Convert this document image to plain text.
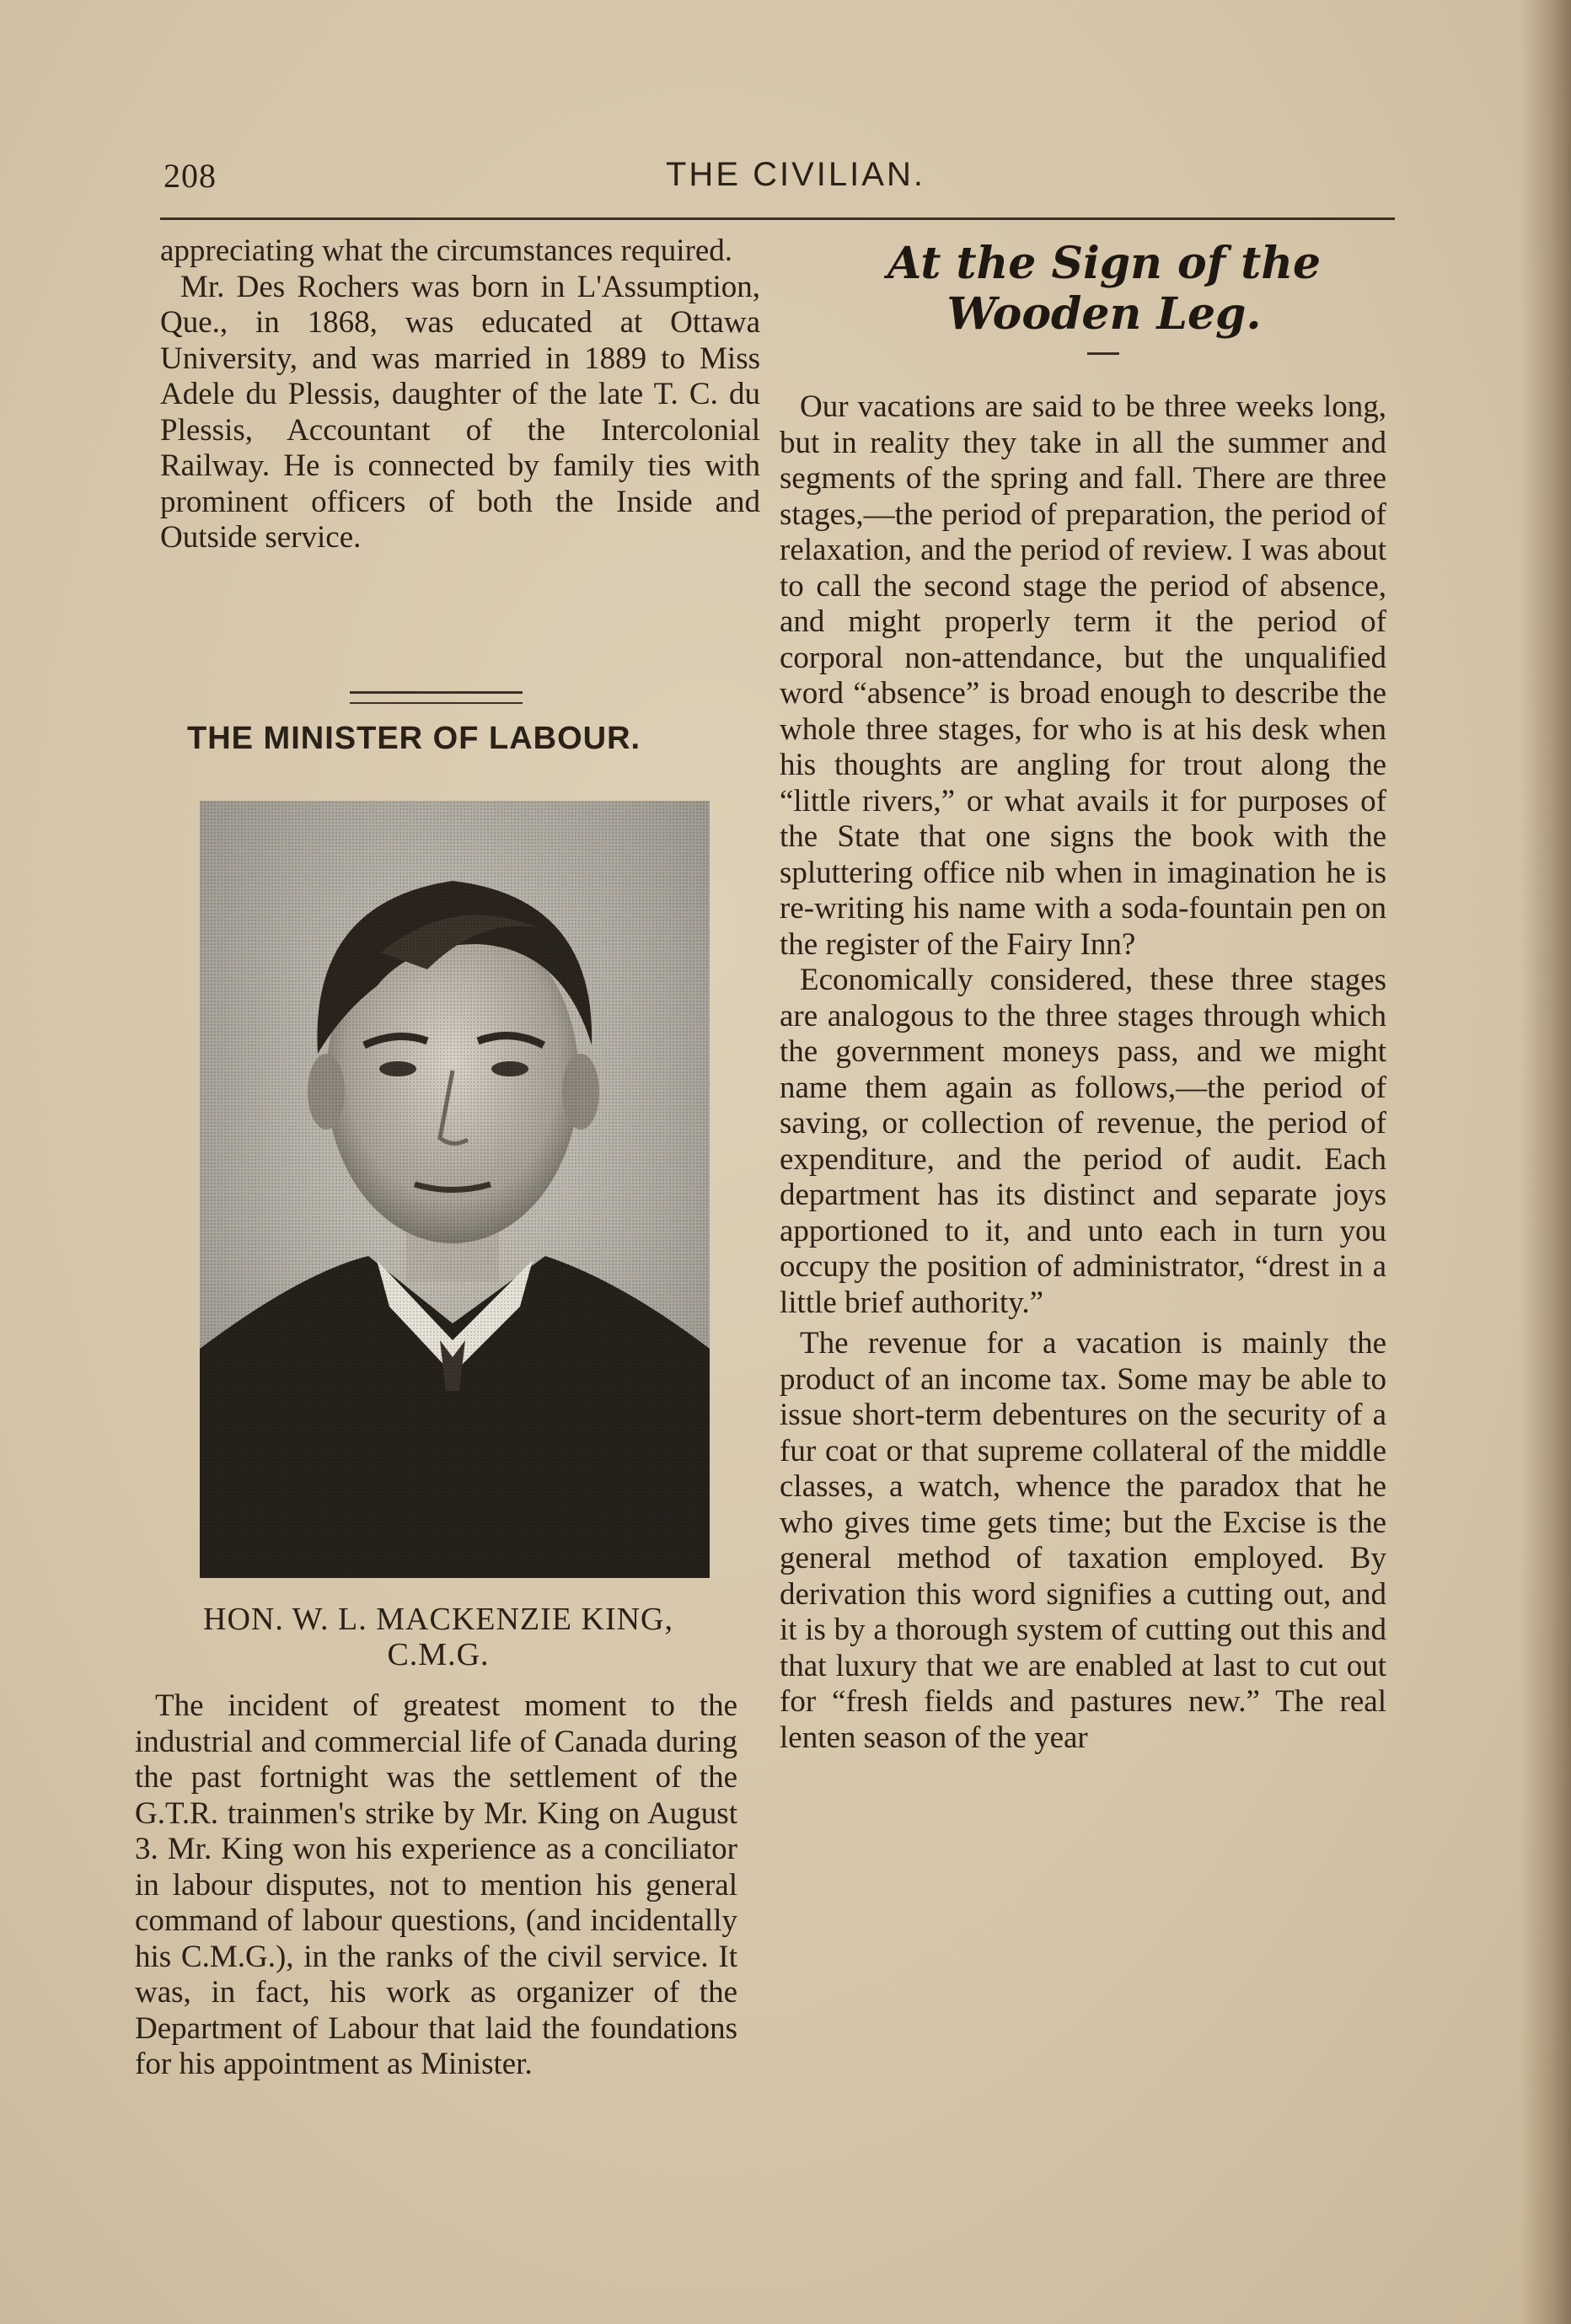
208	THE CIVILIAN.

appreciating what the circumstances required.

Mr. Des Rochers was born in L'Assumption, Que., in 1868, was educated at Ottawa University, and was married in 1889 to Miss Adele du Plessis, daughter of the late T. C. du Plessis, Accountant of the Intercolonial Railway. He is connected by family ties with prominent officers of both the Inside and Outside service.

THE MINISTER OF LABOUR.
HON. W. L. MACKENZIE KING,
C.M.G.

The incident of greatest moment to the industrial and commercial life of Canada during the past fortnight was the settlement of the G.T.R. trainmen's strike by Mr. King on August 3. Mr. King won his experience as a conciliator in labour disputes, not to mention his general command of labour questions, (and incidentally his C.M.G.), in the ranks of the civil service. It was, in fact, his work as organizer of the Department of Labour that laid the foundations for his appointment as Minister.

At the Sign of the Wooden Leg.

Our vacations are said to be three weeks long, but in reality they take in all the summer and segments of the spring and fall. There are three stages,—the period of preparation, the period of relaxation, and the period of review. I was about to call the second stage the period of absence, and might properly term it the period of corporal non-attendance, but the unqualified word “absence” is broad enough to describe the whole three stages, for who is at his desk when his thoughts are angling for trout along the “little rivers,” or what avails it for purposes of the State that one signs the book with the spluttering office nib when in imagination he is re-writing his name with a soda-fountain pen on the register of the Fairy Inn?

Economically considered, these three stages are analogous to the three stages through which the government moneys pass, and we might name them again as follows,—the period of saving, or collection of revenue, the period of expenditure, and the period of audit. Each department has its distinct and separate joys apportioned to it, and unto each in turn you occupy the position of administrator, “drest in a little brief authority.”

The revenue for a vacation is mainly the product of an income tax. Some may be able to issue short-term debentures on the security of a fur coat or that supreme collateral of the middle classes, a watch, whence the paradox that he who gives time gets time; but the Excise is the general method of taxation employed. By derivation this word signifies a cutting out, and it is by a thorough system of cutting out this and that luxury that we are enabled at last to cut out for “fresh fields and pastures new.” The real lenten season of the year
